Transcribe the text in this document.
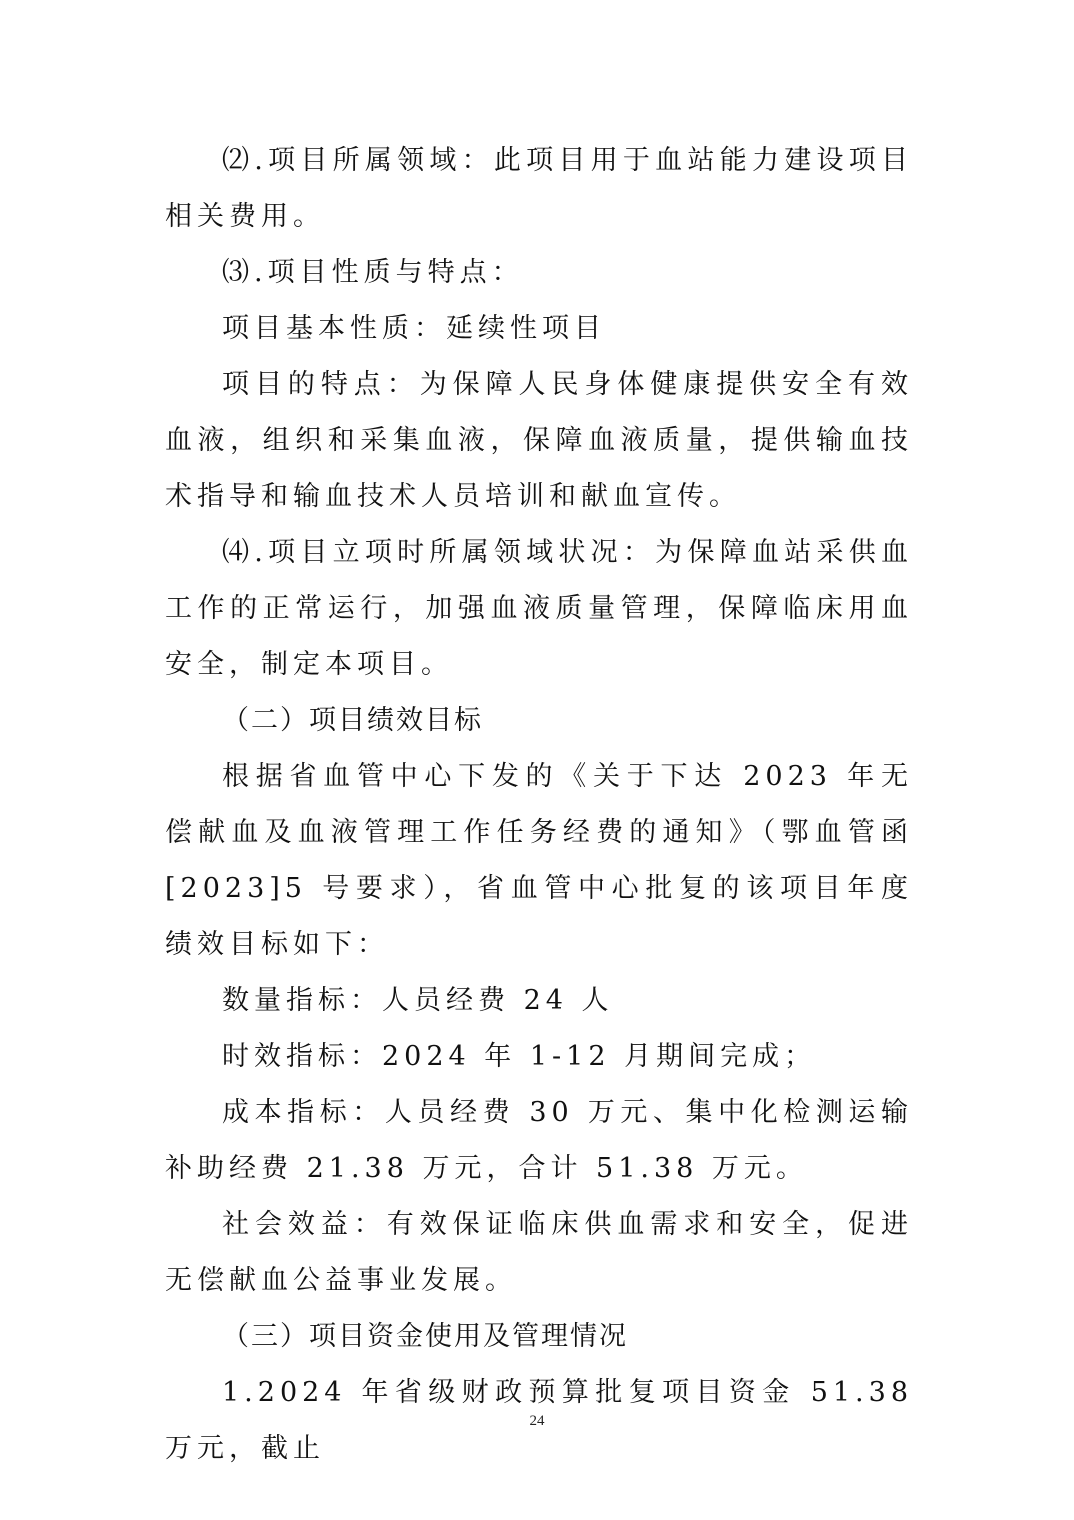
⑵.项目所属领域：此项目用于血站能力建设项目相关费用。

⑶.项目性质与特点：

项目基本性质：延续性项目

项目的特点：为保障人民身体健康提供安全有效血液，组织和采集血液，保障血液质量，提供输血技术指导和输血技术人员培训和献血宣传。

⑷.项目立项时所属领域状况：为保障血站采供血工作的正常运行，加强血液质量管理，保障临床用血安全，制定本项目。

（二）项目绩效目标

根据省血管中心下发的《关于下达 2023 年无偿献血及血液管理工作任务经费的通知》（鄂血管函[2023]5 号要求），省血管中心批复的该项目年度绩效目标如下：

数量指标：人员经费 24 人

时效指标：2024 年 1-12 月期间完成；

成本指标：人员经费 30 万元、集中化检测运输补助经费 21.38 万元，合计 51.38 万元。

社会效益：有效保证临床供血需求和安全，促进无偿献血公益事业发展。

（三）项目资金使用及管理情况

1.2024 年省级财政预算批复项目资金 51.38 万元，截止

24
